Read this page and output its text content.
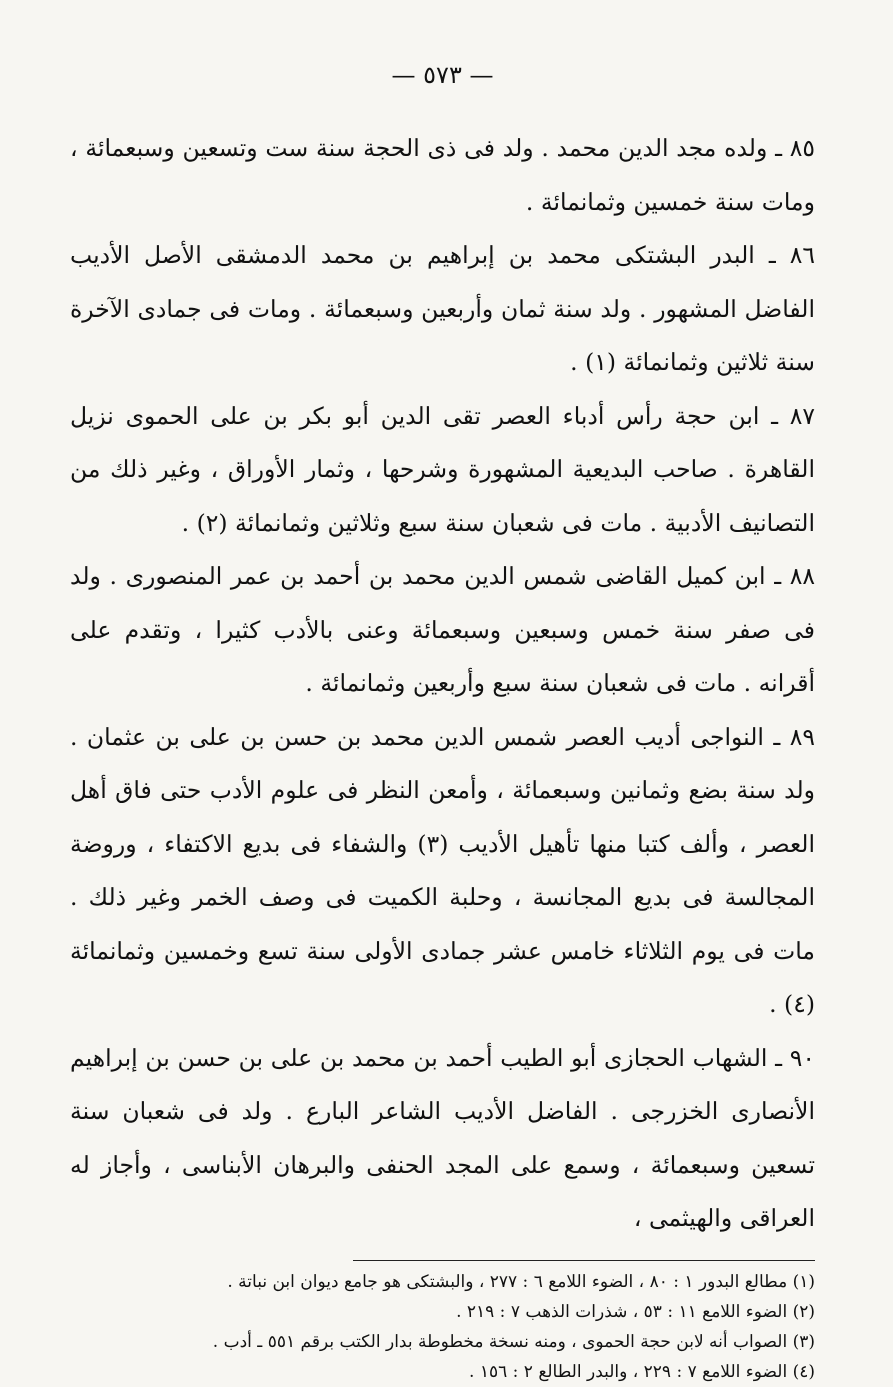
— ٥٧٣ —

٨٥ ـ ولده مجد الدين محمد . ولد فى ذى الحجة سنة ست وتسعين وسبعمائة ، ومات سنة خمسين وثمانمائة .

٨٦ ـ البدر البشتكى محمد بن إبراهيم بن محمد الدمشقى الأصل الأديب الفاضل المشهور . ولد سنة ثمان وأربعين وسبعمائة . ومات فى جمادى الآخرة سنة ثلاثين وثمانمائة (١) .

٨٧ ـ ابن حجة رأس أدباء العصر تقى الدين أبو بكر بن على الحموى نزيل القاهرة . صاحب البديعية المشهورة وشرحها ، وثمار الأوراق ، وغير ذلك من التصانيف الأدبية . مات فى شعبان سنة سبع وثلاثين وثمانمائة (٢) .

٨٨ ـ ابن كميل القاضى شمس الدين محمد بن أحمد بن عمر المنصورى . ولد فى صفر سنة خمس وسبعين وسبعمائة وعنى بالأدب كثيرا ، وتقدم على أقرانه . مات فى شعبان سنة سبع وأربعين وثمانمائة .

٨٩ ـ النواجى أديب العصر شمس الدين محمد بن حسن بن على بن عثمان . ولد سنة بضع وثمانين وسبعمائة ، وأمعن النظر فى علوم الأدب حتى فاق أهل العصر ، وألف كتبا منها تأهيل الأديب (٣) والشفاء فى بديع الاكتفاء ، وروضة المجالسة فى بديع المجانسة ، وحلبة الكميت فى وصف الخمر وغير ذلك . مات فى يوم الثلاثاء خامس عشر جمادى الأولى سنة تسع وخمسين وثمانمائة (٤) .

٩٠ ـ الشهاب الحجازى أبو الطيب أحمد بن محمد بن على بن حسن بن إبراهيم الأنصارى الخزرجى . الفاضل الأديب الشاعر البارع . ولد فى شعبان سنة تسعين وسبعمائة ، وسمع على المجد الحنفى والبرهان الأبناسى ، وأجاز له العراقى والهيثمى ،

(١) مطالع البدور ١ : ٨٠ ، الضوء اللامع ٦ : ٢٧٧ ، والبشتكى هو جامع ديوان ابن نباتة .

(٢) الضوء اللامع ١١ : ٥٣ ، شذرات الذهب ٧ : ٢١٩ .

(٣) الصواب أنه لابن حجة الحموى ، ومنه نسخة مخطوطة بدار الكتب برقم ٥٥١ ـ أدب .

(٤) الضوء اللامع ٧ : ٢٢٩ ، والبدر الطالع ٢ : ١٥٦ .
